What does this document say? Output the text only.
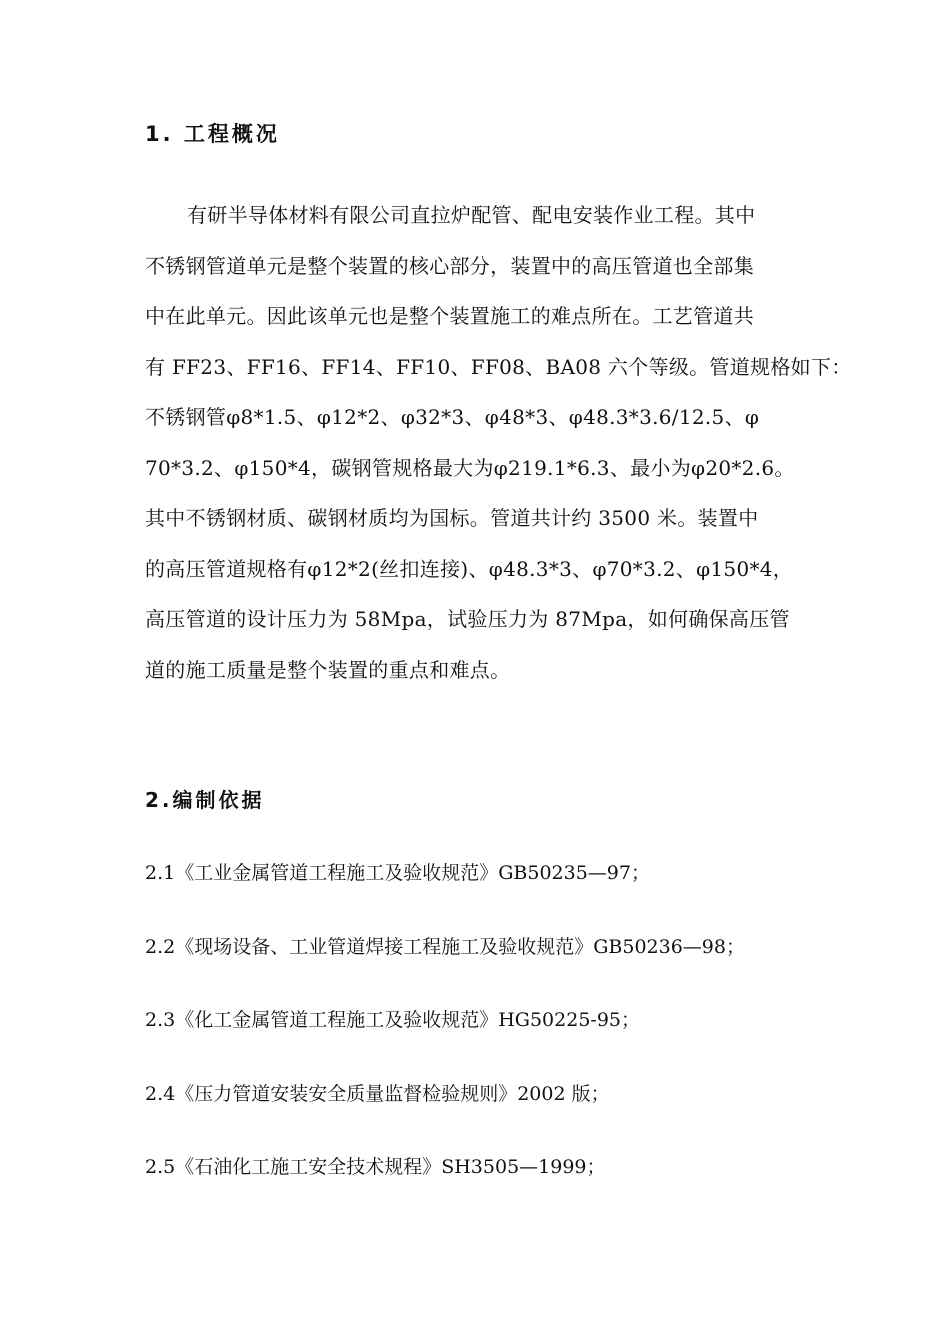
1. 工程概况
有研半导体材料有限公司直拉炉配管、配电安装作业工程。其中
不锈钢管道单元是整个装置的核心部分，装置中的高压管道也全部集
中在此单元。因此该单元也是整个装置施工的难点所在。工艺管道共
有 FF23、FF16、FF14、FF10、FF08、BA08 六个等级。管道规格如下：
不锈钢管φ8*1.5、φ12*2、φ32*3、φ48*3、φ48.3*3.6/12.5、φ
70*3.2、φ150*4，碳钢管规格最大为φ219.1*6.3、最小为φ20*2.6。
其中不锈钢材质、碳钢材质均为国标。管道共计约 3500 米。装置中
的高压管道规格有φ12*2(丝扣连接)、φ48.3*3、φ70*3.2、φ150*4，
高压管道的设计压力为 58Mpa，试验压力为 87Mpa，如何确保高压管
道的施工质量是整个装置的重点和难点。
2.编制依据
2.1《工业金属管道工程施工及验收规范》GB50235—97；
2.2《现场设备、工业管道焊接工程施工及验收规范》GB50236—98；
2.3《化工金属管道工程施工及验收规范》HG50225-95；
2.4《压力管道安装安全质量监督检验规则》2002 版；
2.5《石油化工施工安全技术规程》SH3505—1999；
